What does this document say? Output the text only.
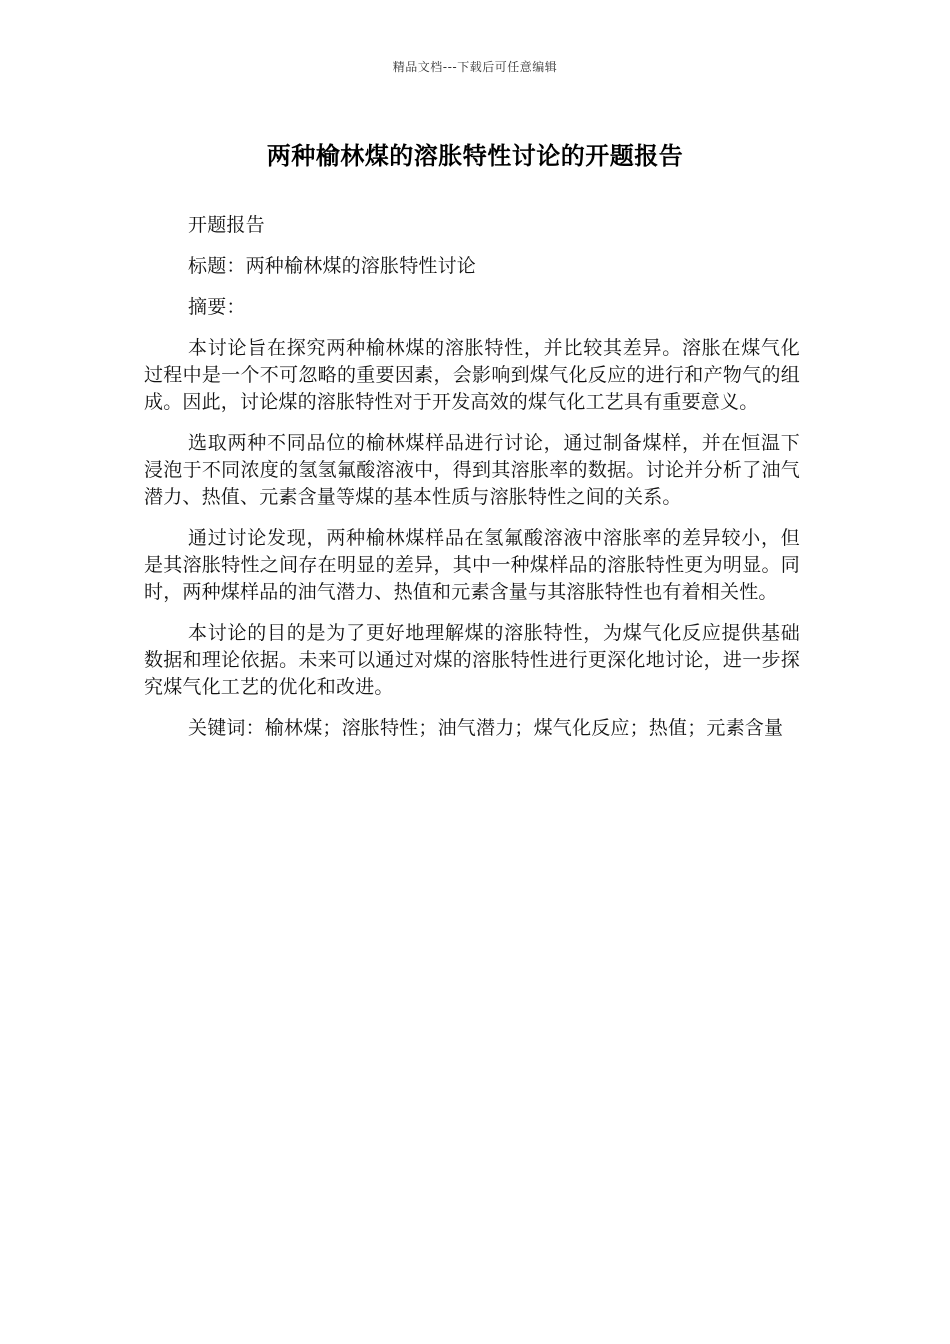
精品文档---下载后可任意编辑
两种榆林煤的溶胀特性讨论的开题报告

开题报告

标题：两种榆林煤的溶胀特性讨论

摘要：

本讨论旨在探究两种榆林煤的溶胀特性，并比较其差异。溶胀在煤气化过程中是一个不可忽略的重要因素，会影响到煤气化反应的进行和产物气的组成。因此，讨论煤的溶胀特性对于开发高效的煤气化工艺具有重要意义。

选取两种不同品位的榆林煤样品进行讨论，通过制备煤样，并在恒温下浸泡于不同浓度的氢氢氟酸溶液中，得到其溶胀率的数据。讨论并分析了油气潜力、热值、元素含量等煤的基本性质与溶胀特性之间的关系。

通过讨论发现，两种榆林煤样品在氢氟酸溶液中溶胀率的差异较小，但是其溶胀特性之间存在明显的差异，其中一种煤样品的溶胀特性更为明显。同时，两种煤样品的油气潜力、热值和元素含量与其溶胀特性也有着相关性。

本讨论的目的是为了更好地理解煤的溶胀特性，为煤气化反应提供基础数据和理论依据。未来可以通过对煤的溶胀特性进行更深化地讨论，进一步探究煤气化工艺的优化和改进。

关键词：榆林煤；溶胀特性；油气潜力；煤气化反应；热值；元素含量
